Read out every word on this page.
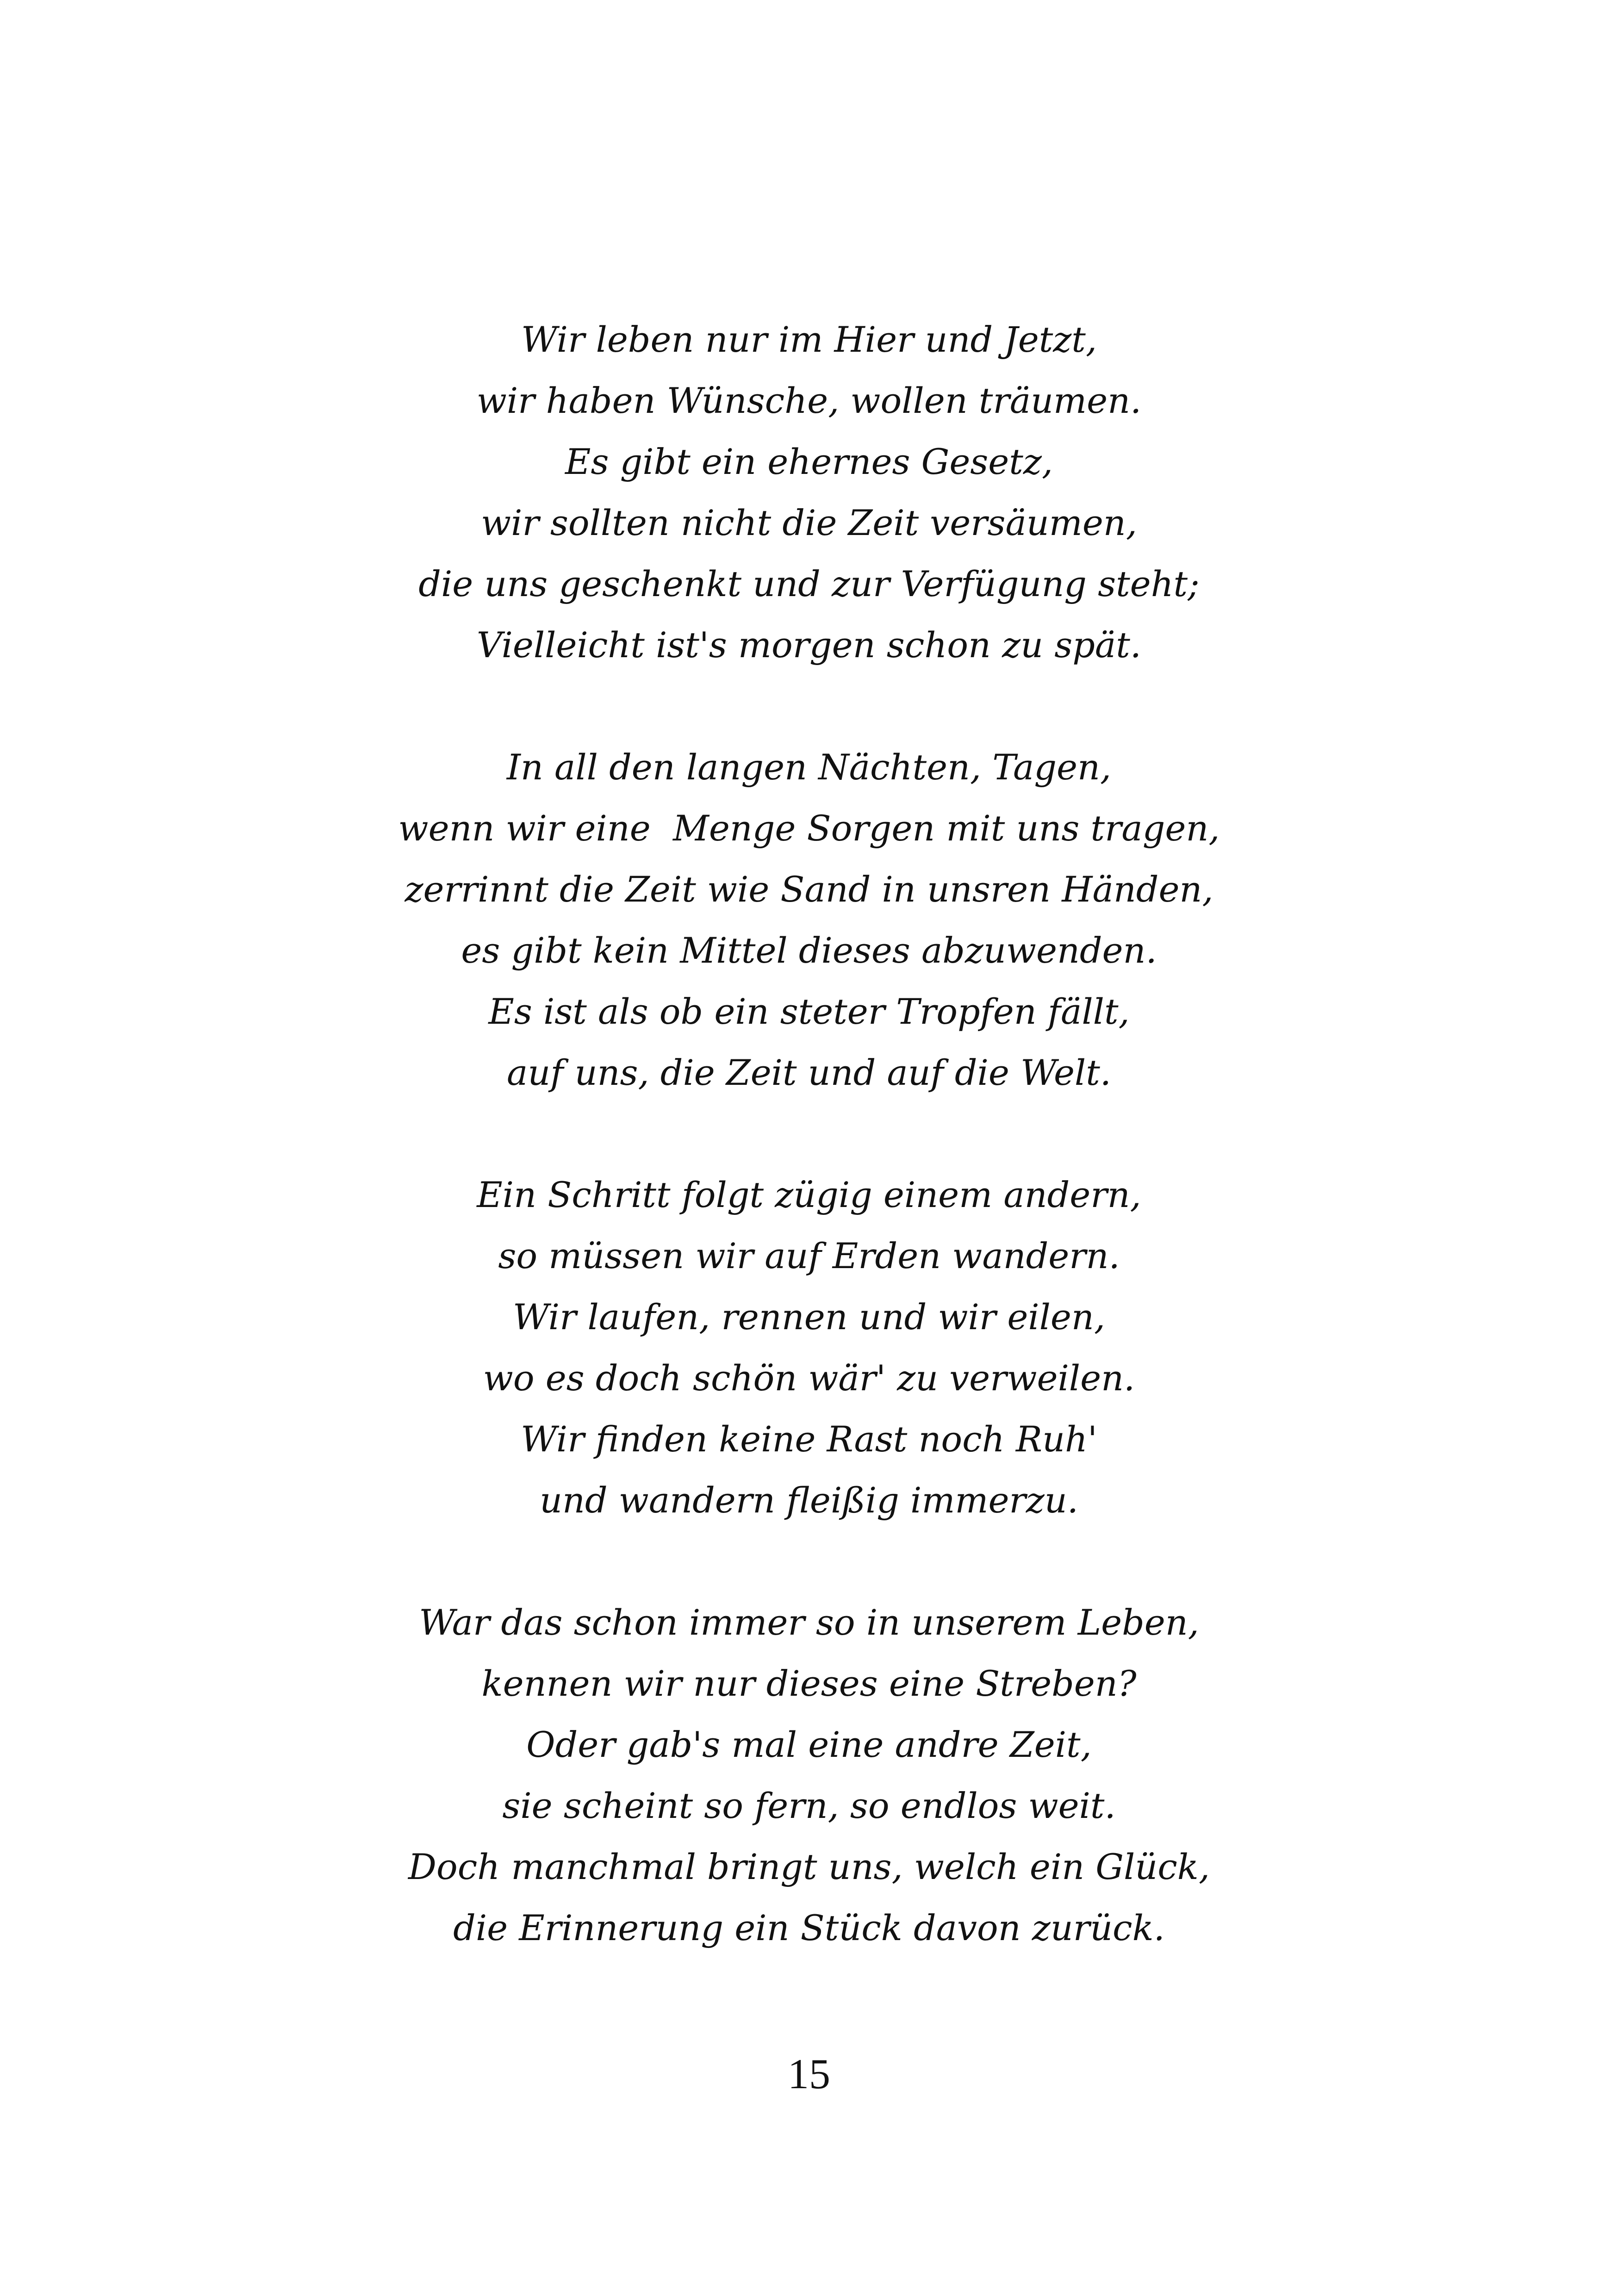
Wir leben nur im Hier und Jetzt,
wir haben Wünsche, wollen träumen.
Es gibt ein ehernes Gesetz,
wir sollten nicht die Zeit versäumen,
die uns geschenkt und zur Verfügung steht;
Vielleicht ist's morgen schon zu spät.
In all den langen Nächten, Tagen,
wenn wir eine  Menge Sorgen mit uns tragen,
zerrinnt die Zeit wie Sand in unsren Händen,
es gibt kein Mittel dieses abzuwenden.
Es ist als ob ein steter Tropfen fällt,
auf uns, die Zeit und auf die Welt.
Ein Schritt folgt zügig einem andern,
so müssen wir auf Erden wandern.
Wir laufen, rennen und wir eilen,
wo es doch schön wär' zu verweilen.
Wir finden keine Rast noch Ruh'
und wandern fleißig immerzu.
War das schon immer so in unserem Leben,
kennen wir nur dieses eine Streben?
Oder gab's mal eine andre Zeit,
sie scheint so fern, so endlos weit.
Doch manchmal bringt uns, welch ein Glück,
die Erinnerung ein Stück davon zurück.
15
